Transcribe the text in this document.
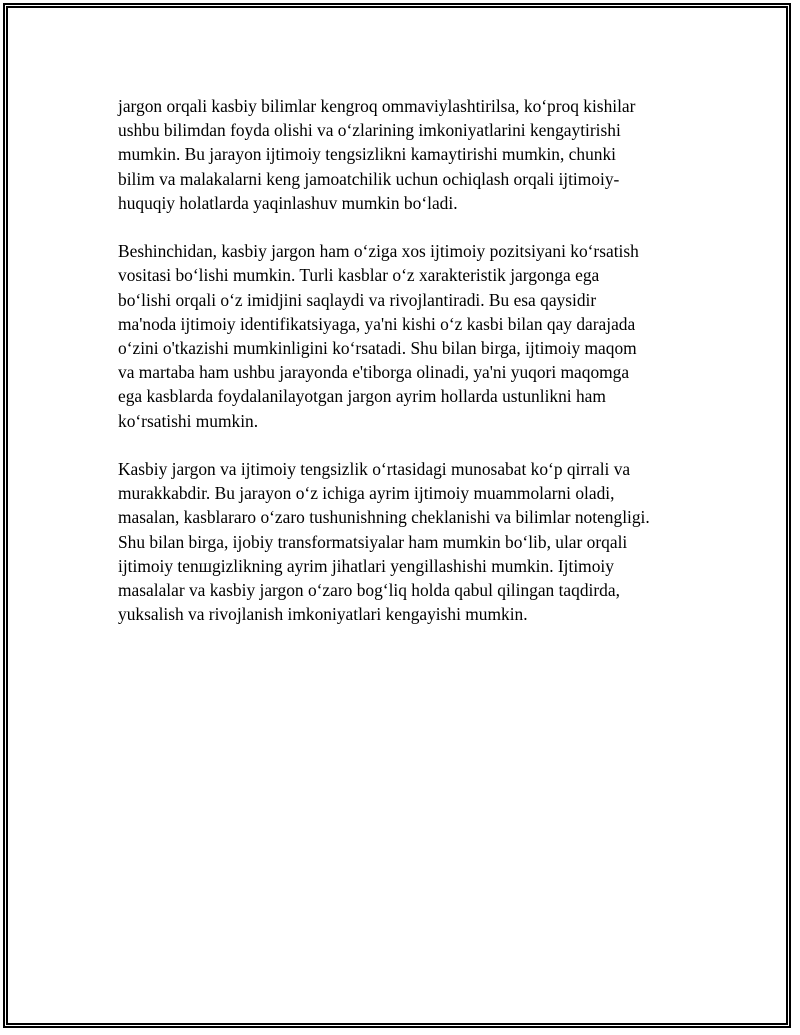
jargon orqali kasbiy bilimlar kengroq ommaviylashtirilsa, ko‘proq kishilar
ushbu bilimdan foyda olishi va o‘zlarining imkoniyatlarini kengaytirishi
mumkin. Bu jarayon ijtimoiy tengsizlikni kamaytirishi mumkin, chunki
bilim va malakalarni keng jamoatchilik uchun ochiqlash orqali ijtimoiy-
huquqiy holatlarda yaqinlashuv mumkin bo‘ladi.

Beshinchidan, kasbiy jargon ham o‘ziga xos ijtimoiy pozitsiyani ko‘rsatish
vositasi bo‘lishi mumkin. Turli kasblar o‘z xarakteristik jargonga ega
bo‘lishi orqali o‘z imidjini saqlaydi va rivojlantiradi. Bu esa qaysidir
ma'noda ijtimoiy identifikatsiyaga, ya'ni kishi o‘z kasbi bilan qay darajada
o‘zini o'tkazishi mumkinligini ko‘rsatadi. Shu bilan birga, ijtimoiy maqom
va martaba ham ushbu jarayonda e'tiborga olinadi, ya'ni yuqori maqomga
ega kasblarda foydalanilayotgan jargon ayrim hollarda ustunlikni ham
ko‘rsatishi mumkin.

Kasbiy jargon va ijtimoiy tengsizlik o‘rtasidagi munosabat ko‘p qirrali va
murakkabdir. Bu jarayon o‘z ichiga ayrim ijtimoiy muammolarni oladi,
masalan, kasblararo o‘zaro tushunishning cheklanishi va bilimlar notengligi.
Shu bilan birga, ijobiy transformatsiyalar ham mumkin bo‘lib, ular orqali
ijtimoiy tenшgizlikning ayrim jihatlari yengillashishi mumkin. Ijtimoiy
masalalar va kasbiy jargon o‘zaro bog‘liq holda qabul qilingan taqdirda,
yuksalish va rivojlanish imkoniyatlari kengayishi mumkin.
